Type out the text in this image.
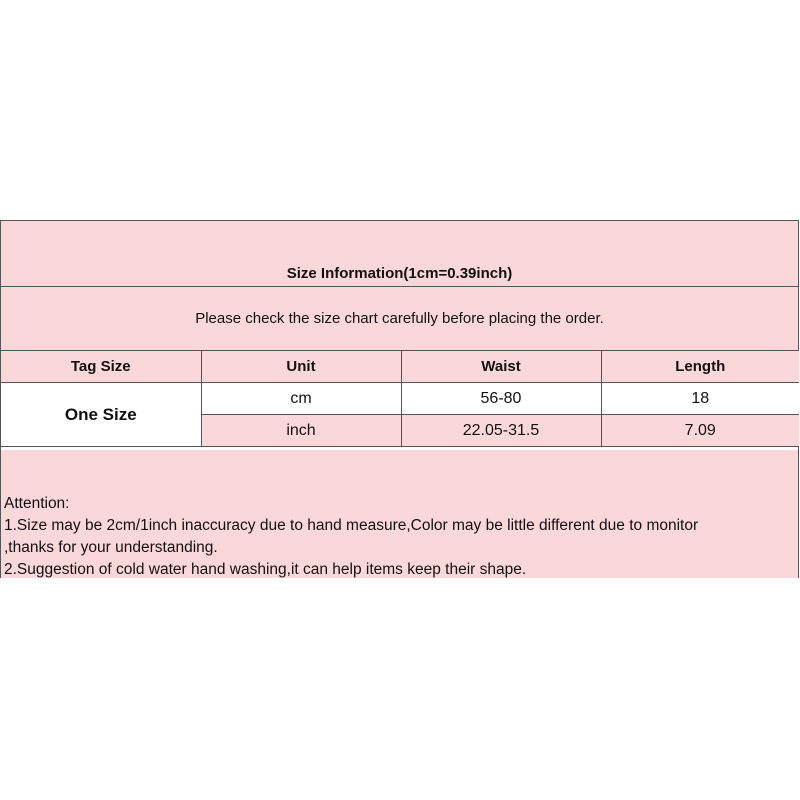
Size Information(1cm=0.39inch)
Please check the size chart carefully before placing the order.
Tag Size	Unit	Waist	Length
One Size	cm	56-80	18
	inch	22.05-31.5	7.09
Attention:
1.Size may be 2cm/1inch inaccuracy due to hand measure,Color may be little different due to monitor
,thanks for your understanding.
2.Suggestion of cold water hand washing,it can help items keep their shape.
